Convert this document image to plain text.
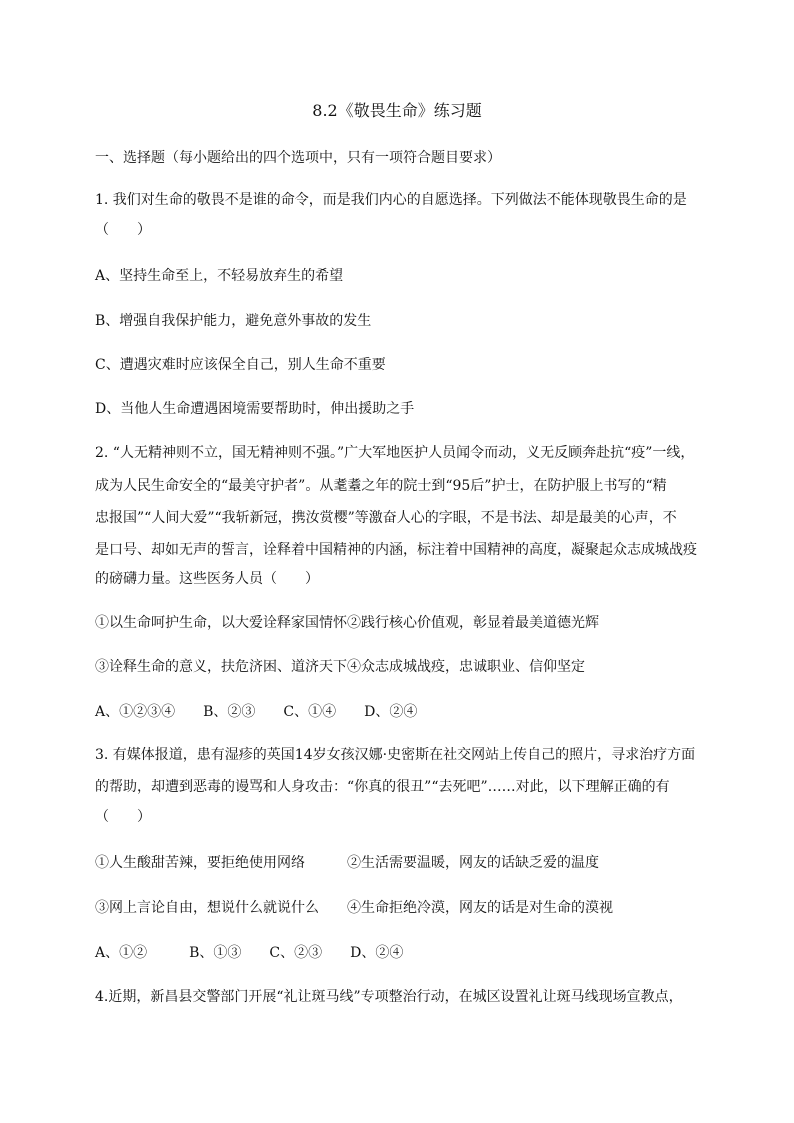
8.2《敬畏生命》练习题
一、选择题（每小题给出的四个选项中，只有一项符合题目要求）
1. 我们对生命的敬畏不是谁的命令，而是我们内心的自愿选择。下列做法不能体现敬畏生命的是
（　　）
A、坚持生命至上，不轻易放弃生的希望
B、增强自我保护能力，避免意外事故的发生
C、遭遇灾难时应该保全自己，别人生命不重要
D、当他人生命遭遇困境需要帮助时，伸出援助之手
2. “人无精神则不立，国无精神则不强。”广大军地医护人员闻令而动，义无反顾奔赴抗“疫”一线，
成为人民生命安全的“最美守护者”。从耄耋之年的院士到“95后”护士，在防护服上书写的“精
忠报国”“人间大爱”“我斩新冠，携汝赏樱”等激奋人心的字眼，不是书法、却是最美的心声，不
是口号、却如无声的誓言，诠释着中国精神的内涵，标注着中国精神的高度，凝聚起众志成城战疫
的磅礴力量。这些医务人员（　　）
①以生命呵护生命，以大爱诠释家国情怀②践行核心价值观，彰显着最美道德光辉
③诠释生命的意义，扶危济困、道济天下④众志成城战疫，忠诚职业、信仰坚定
A、①②③④　　B、②③　　C、①④　　D、②④
3. 有媒体报道，患有湿疹的英国14岁女孩汉娜·史密斯在社交网站上传自己的照片，寻求治疗方面
的帮助，却遭到恶毒的谩骂和人身攻击：“你真的很丑”“去死吧”……对此，以下理解正确的有
（　　）
①人生酸甜苦辣，要拒绝使用网络　　　②生活需要温暖，网友的话缺乏爱的温度
③网上言论自由，想说什么就说什么　　④生命拒绝冷漠，网友的话是对生命的漠视
A、①②　　　B、①③　　C、②③　　D、②④
4.近期，新昌县交警部门开展“礼让斑马线”专项整治行动，在城区设置礼让斑马线现场宣教点，
